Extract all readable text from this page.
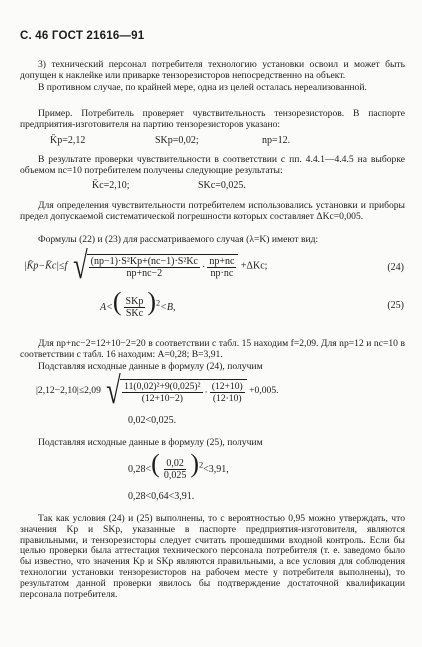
С. 46 ГОСТ 21616—91
3) технический персонал потребителя технологию установки освоил и может быть допущен к наклейке или приварке тензорезисторов непосредственно на объект.
В противном случае, по крайней мере, одна из целей осталась нереализованной.
Пример. Потребитель проверяет чувствительность тензорезисторов. В паспорте предприятия-изготовителя на партию тензорезисторов указано:
K̄p=2,12	SKp=0,02;	np=12.
В результате проверки чувствительности в соответствии с пп. 4.4.1—4.4.5 на выборке объемом nc=10 потребителем получены следующие результаты:
K̄c=2,10;	SKc=0,025.
Для определения чувствительности потребителем использовались установки и приборы предел допускаемой систематической погрешности которых составляет ΔKc=0,005.
Формулы (22) и (23) для рассматриваемого случая (λ=K) имеют вид:
|K̄p−K̄c|≤f √ $\frac{\text{(np−1)·S²Kp+(nc−1)·S²Kc}}{np+nc-2} \cdot \frac{np+nc}{np\cdot nc} +\Delta Kc$;	(24)
$A<( \frac{\text{SKp}}{\text{SKc}} )^2<B$,	(25)
Для np+nc−2=12+10−2=20 в соответствии с табл. 15 находим f=2,09. Для np=12 и nc=10 в соответствии с табл. 16 находим: A=0,28; B=3,91.
Подставляя исходные данные в формулу (24), получим
|2,12−2,10|≤2,09 √ $\frac{\text{11(0,02)²+9(0,025)²}}{(12+10-2)} \cdot \frac{(12+10)}{(12\cdot 10)} +0,005$.
0,02<0,025.
Подставляя исходные данные в формулу (25), получим
$0,28<( \frac{0,02}{0,025} )^2<3,91$,
0,28<0,64<3,91.
Так как условия (24) и (25) выполнены, то с вероятностью 0,95 можно утверждать, что значения Kp и SKp, указанные в паспорте предприятия-изготовителя, являются правильными, и тензорезисторы следует считать прошедшими входной контроль. Если бы целью проверки была аттестация технического персонала потребителя (т. е. заведомо было бы известно, что значения Kp и SKp являются правильными, а все условия для соблюдения технологии установки тензорезисторов на рабочем месте у потребителя выполнены), то результатом данной проверки явилось бы подтверждение достаточной квалификации персонала потребителя.
